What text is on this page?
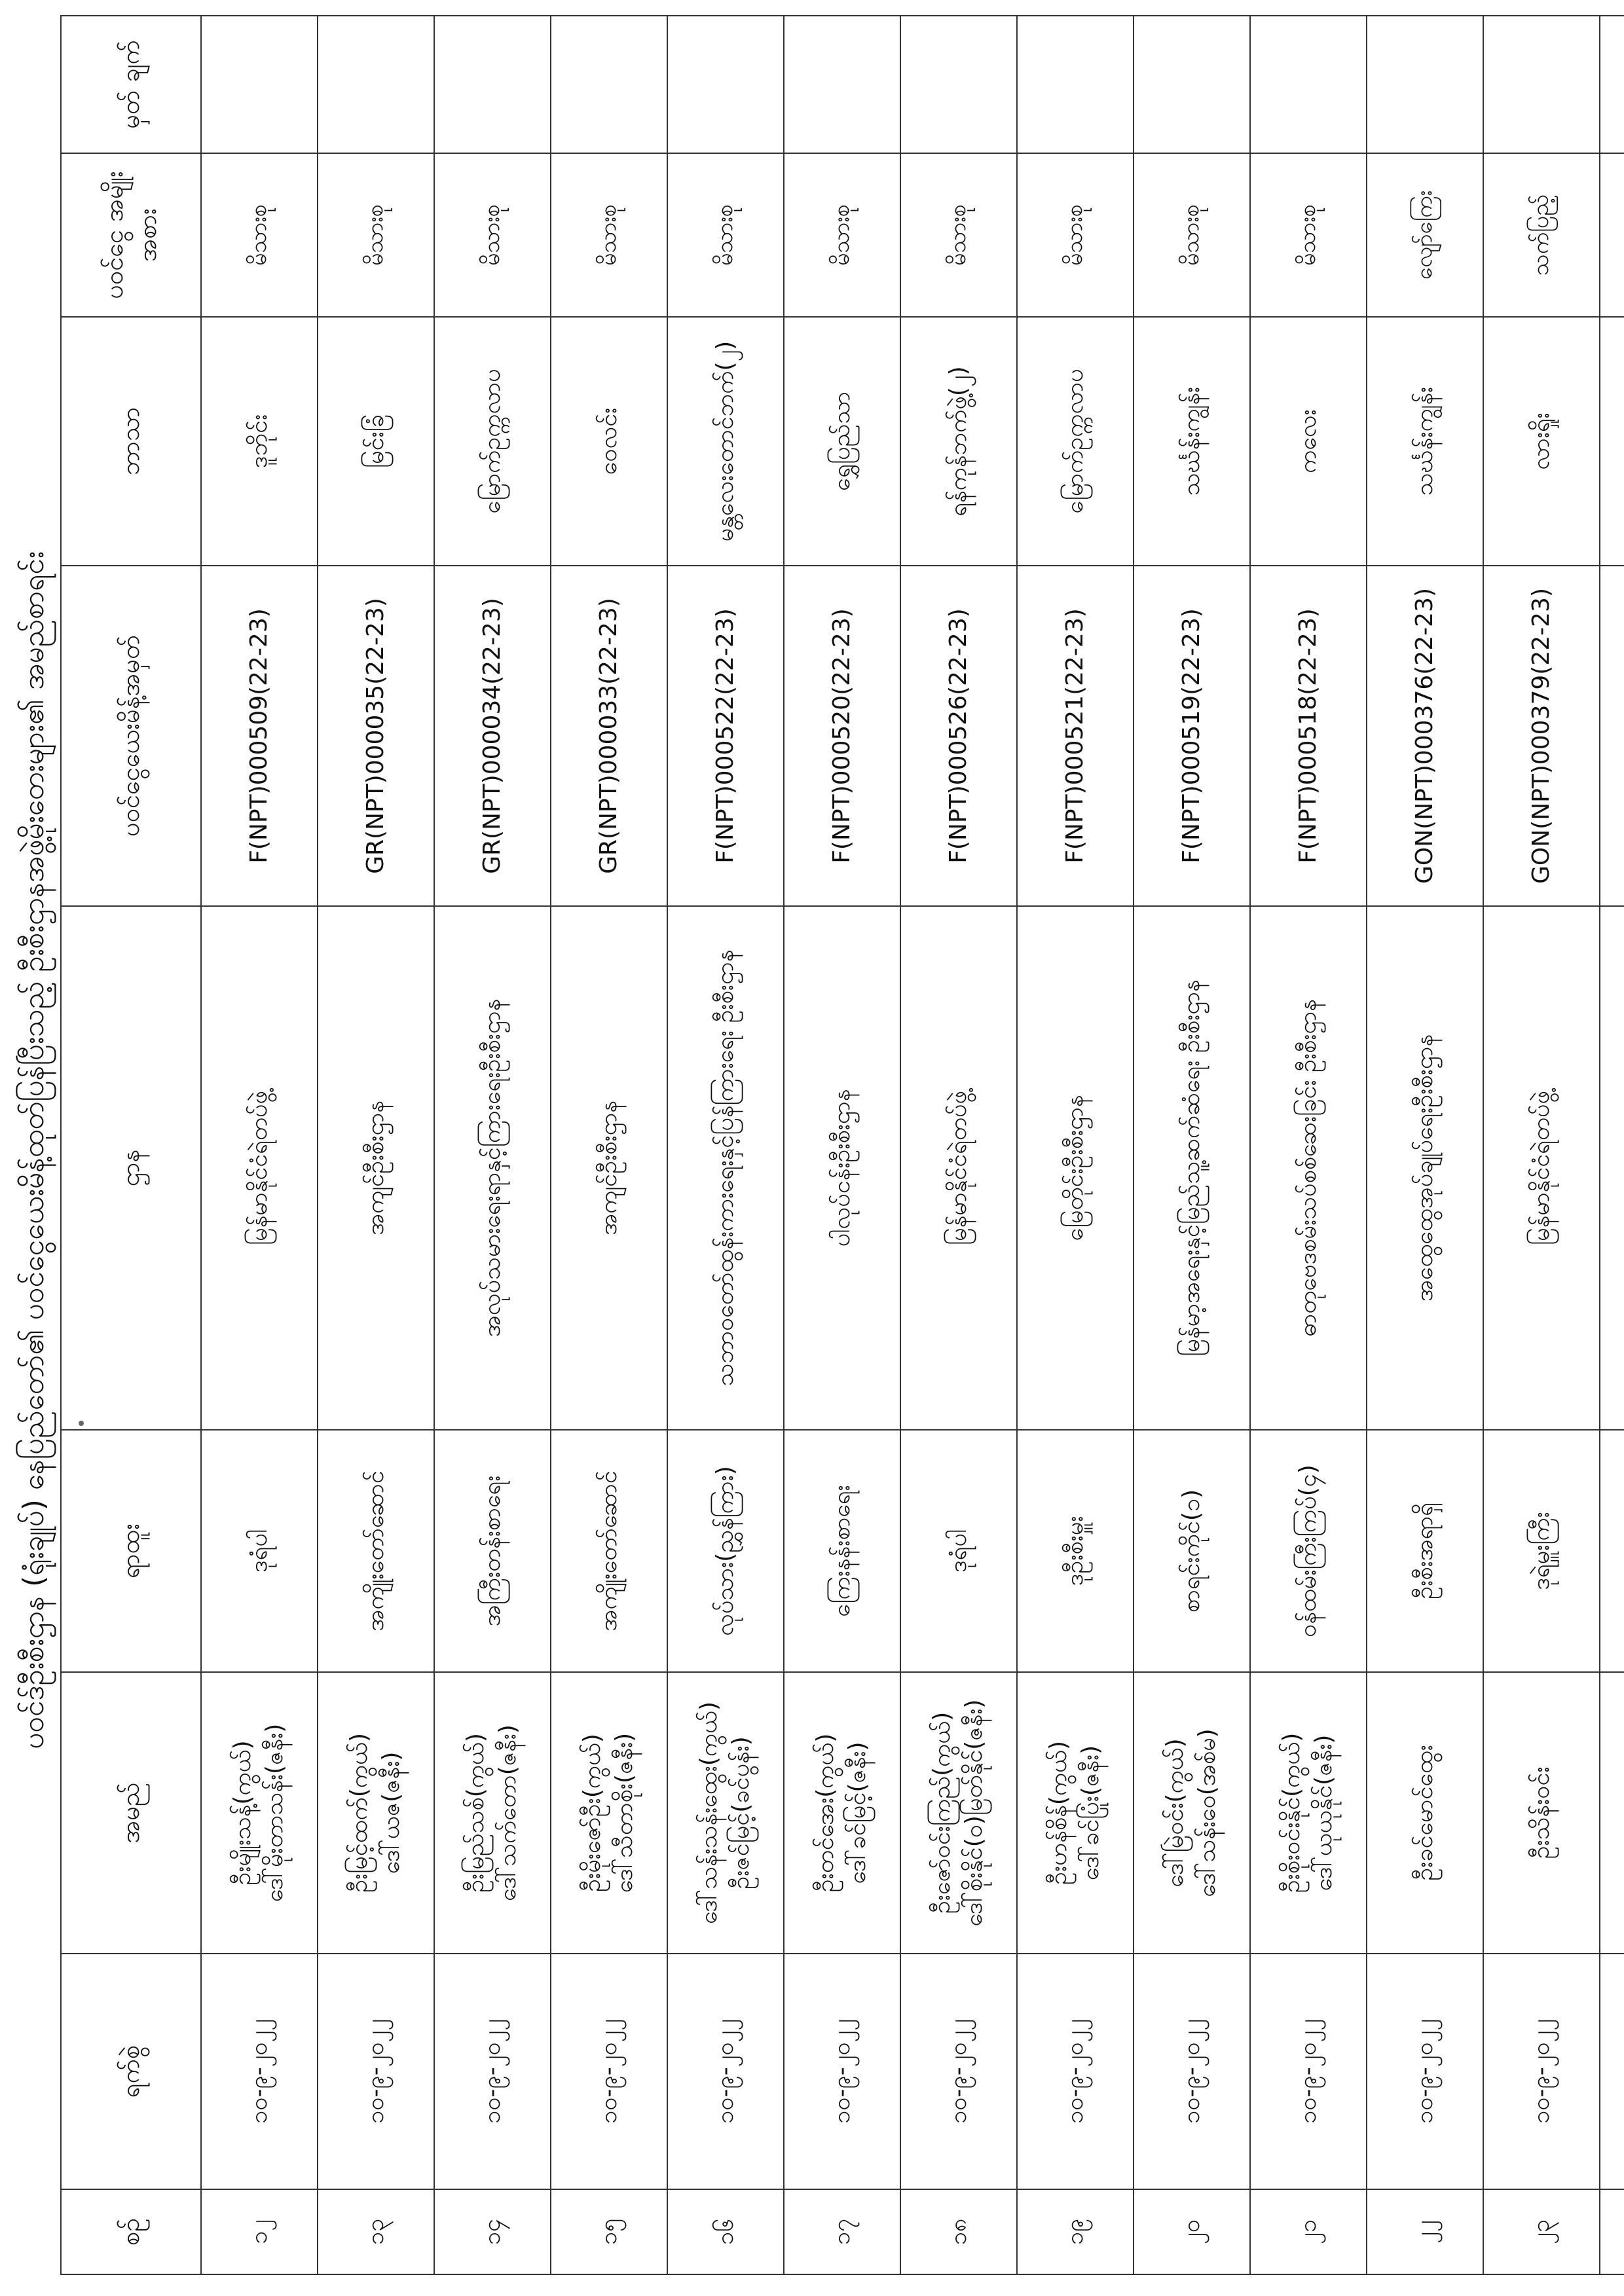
ပဝင်ဒ်ဦးစီးဌာန (ရုံးချုပ်) နေပြည်တော်၏ ပဝင်ငွေယေးမိန့်ထုတ်ပြန်ပြီးသည့် ဦးစီးဌာနအဖွဲ့မိုးတေးများ၏ အမည်စာရင်း
စဉ်	ရက်စွဲ	အမည်	ရာထူး	ဌာန	ပဝင်ငွေယေးမိန့်အမှတ်	ဘာသာ	ပဝင်ငွေ အမျိုးအစား	မှတ် ချက်
၁၂	၁၀-၉-၂၀၂၂	ဦးမျိုးသန့်(ကွယ်) ဒေါ်မိုးတာသန်း(ဇနီး)	ဒုရံပါ	မြန်မာနိုင်ငံရဲတပ်ဖွဲ့	F(NPT)000509(22-23)	ဒူဘိုင်း	မိသားစု	
၁၃	၁၀-၉-၂၀၂၂	ဦးမြင့်ထက်(ကွယ်) ဒေါ်ယဇ(ဇနီး)	အကျိုးတော်ဆောင်	အကျင်ဦးစီးဌာန	GR(NPT)000035(22-23)	မြင်းခြံ	မိသားစု	
၁၄	၁၀-၉-၂၀၂၂	ဦးမြည်သစ်(ကွယ်) ဒေါ်သက်တော(ဇနီး)	အကြီးတန်းစာရေး	အလုပ်သမားရေးရာနှင့်ကြားရေးဦးစီးဌာန	GR(NPT)000034(22-23)	မြောက်ဥက္ကလာပ	မိသားစု	
၁၅	၁၀-၉-၂၀၂၂	ဦးမိုးဇော်ဦး(ကွယ်) ဒေါ်သီတာစိုး(ဇနီး)	အကျိုးတော်ဆောင်	အကျင်ဦးစီးဌာန	GR(NPT)000033(22-23)	ဝေလင်း	မိသားစု	
၁၆	၁၀-၉-၂၀၂၂	ဒေါ်သန်းသန်းထွေး(ကွယ်) ဦးဇင်မြင့်(ခင်ပွန်း)	လုပ်သား(ညွှန်ကြား)	သဘာဝတော်ထွန်းကားရေးနှင့်ပြန်ကြားရေး ဦးစီးဌာန	F(NPT)000522(22-23)	မန္တလေးတောင်ဘက်(၂)	မိသားစု	
၁၇	၁၀-၉-၂၀၂၂	ဦးတင်အေး(ကွယ်) ဒေါ်ခင်မြင့်(ဇနီး)	ကြေးနန်းစာရေး	ပါလုပ်ငန်းဦးစီးဌာန	F(NPT)000520(22-23)	ရွှေပြည်သာ	မိသားစု	
၁၈	၁၀-၉-၂၀၂၂	ဦးဇော်ဝင်းကြည်(ကွယ်) ဒေါ်စိုးနိုင်(ဝ)မြတ်နိုင်(ဇနီး)	ဒုရံပါ	မြန်မာနိုင်ငံရဲတပ်ဖွဲ့	F(NPT)000526(22-23)	ရန်ကုန်ဘက်ဖွဲ့(၂)	မိသားစု	
၁၉	၁၀-၉-၂၀၂၂	ဦးဟန်စိန်(ကွယ်) ဒေါ်ခင်ပြုံး(ဇနီး)	ဒုဦးစီးမှူး	မြေတိုင်းဦးစီးဌာန	F(NPT)000521(22-23)	မြောက်ဥက္ကလာပ	မိသားစု	
၂၀	၁၀-၉-၂၀၂၂	ဒေါ်မြဲဝင်း(ကွယ်) ဒေါ်သန်းဝေ(အစ်မ)	စာရင်းကိုင်(၁)	မြန်မာ့အရေးနှင့်မြည်သူ့ဆက်ဆံရေး ဦးစီးဌာန	F(NPT)000519(22-23)	သင်္ဃန်းကျွန်း	မိသားစု	
၂၁	၁၀-၉-၂၀၂၂	ဦးစိုးဝင်းနိုင်(ကွယ်) ဒေါ်ယုယုနိုင်(ဇနီး)	ဝန်ထမ်းကြီးကြပ်(၄)	ဓာတုဗေဒစမ်းသပ်စစ်ဆေးခြင်း ဦးစီးဌာန	F(NPT)000518(22-23)	ကလေး	မိသားစု	
၂၂	၁၀-၉-၂၀၂၂	ဦးခင်မောင်ထွေး	ဦးစီးအရာရှိ	အထွေထွေအုပ်ချုပ်ရေးဦးစီးဌာန	GON(NPT)000376(22-23)	သင်္ဃန်းကျွန်း	လျော်ကြေး	
၂၃	၁၀-၉-၂၀၂၂	ဦးသိန်းဝင်း	ဒုရဲမှူးကြီး	မြန်မာနိုင်ငံရဲတပ်ဖွဲ့	GON(NPT)000379(22-23)	လားရှိုး	သက်ပြည့်	
